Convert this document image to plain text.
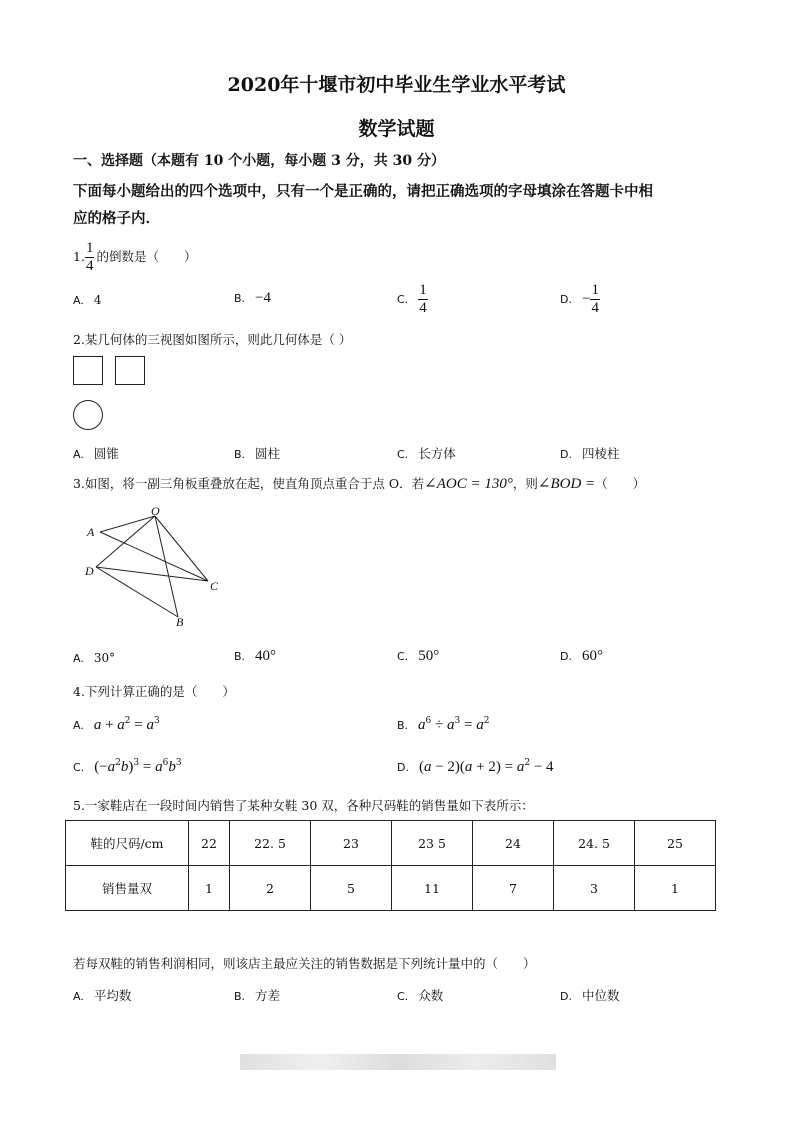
2020年十堰市初中毕业生学业水平考试
数学试题
一、选择题（本题有 10 个小题，每小题 3 分，共 30 分）
下面每小题给出的四个选项中，只有一个是正确的，请把正确选项的字母填涂在答题卡中相
应的格子内．
1. $\frac{1}{4}$ 的倒数是（　　）
A. 4	B. −4	C. $\frac{1}{4}$	D. − $\frac{1}{4}$
2.某几何体的三视图如图所示，则此几何体是（ ）
A. 圆锥	B. 圆柱	C. 长方体	D. 四棱柱
3.如图，将一副三角板重叠放在起，使直角顶点重合于点 O．若∠AOC = 130°，则∠BOD =（　　）
O
A
D
C
B
A. 30°	B. 40°	C. 50°	D. 60°
4.下列计算正确的是（　　）
A. $a + a^2 = a^3$	B. $a^6 \div a^3 = a^2$
C. $(-a^2b)^3 = a^6b^3$	D. $(a - 2)(a + 2) = a^2 - 4$
5.一家鞋店在一段时间内销售了某种女鞋 30 双，各种尺码鞋的销售量如下表所示：
鞋的尺码/cm	22	22. 5	23	23 5	24	24. 5	25
销售量双	1	2	5	11	7	3	1
若每双鞋的销售利润相同，则该店主最应关注的销售数据是下列统计量中的（　　）
A. 平均数	B. 方差	C. 众数	D. 中位数
